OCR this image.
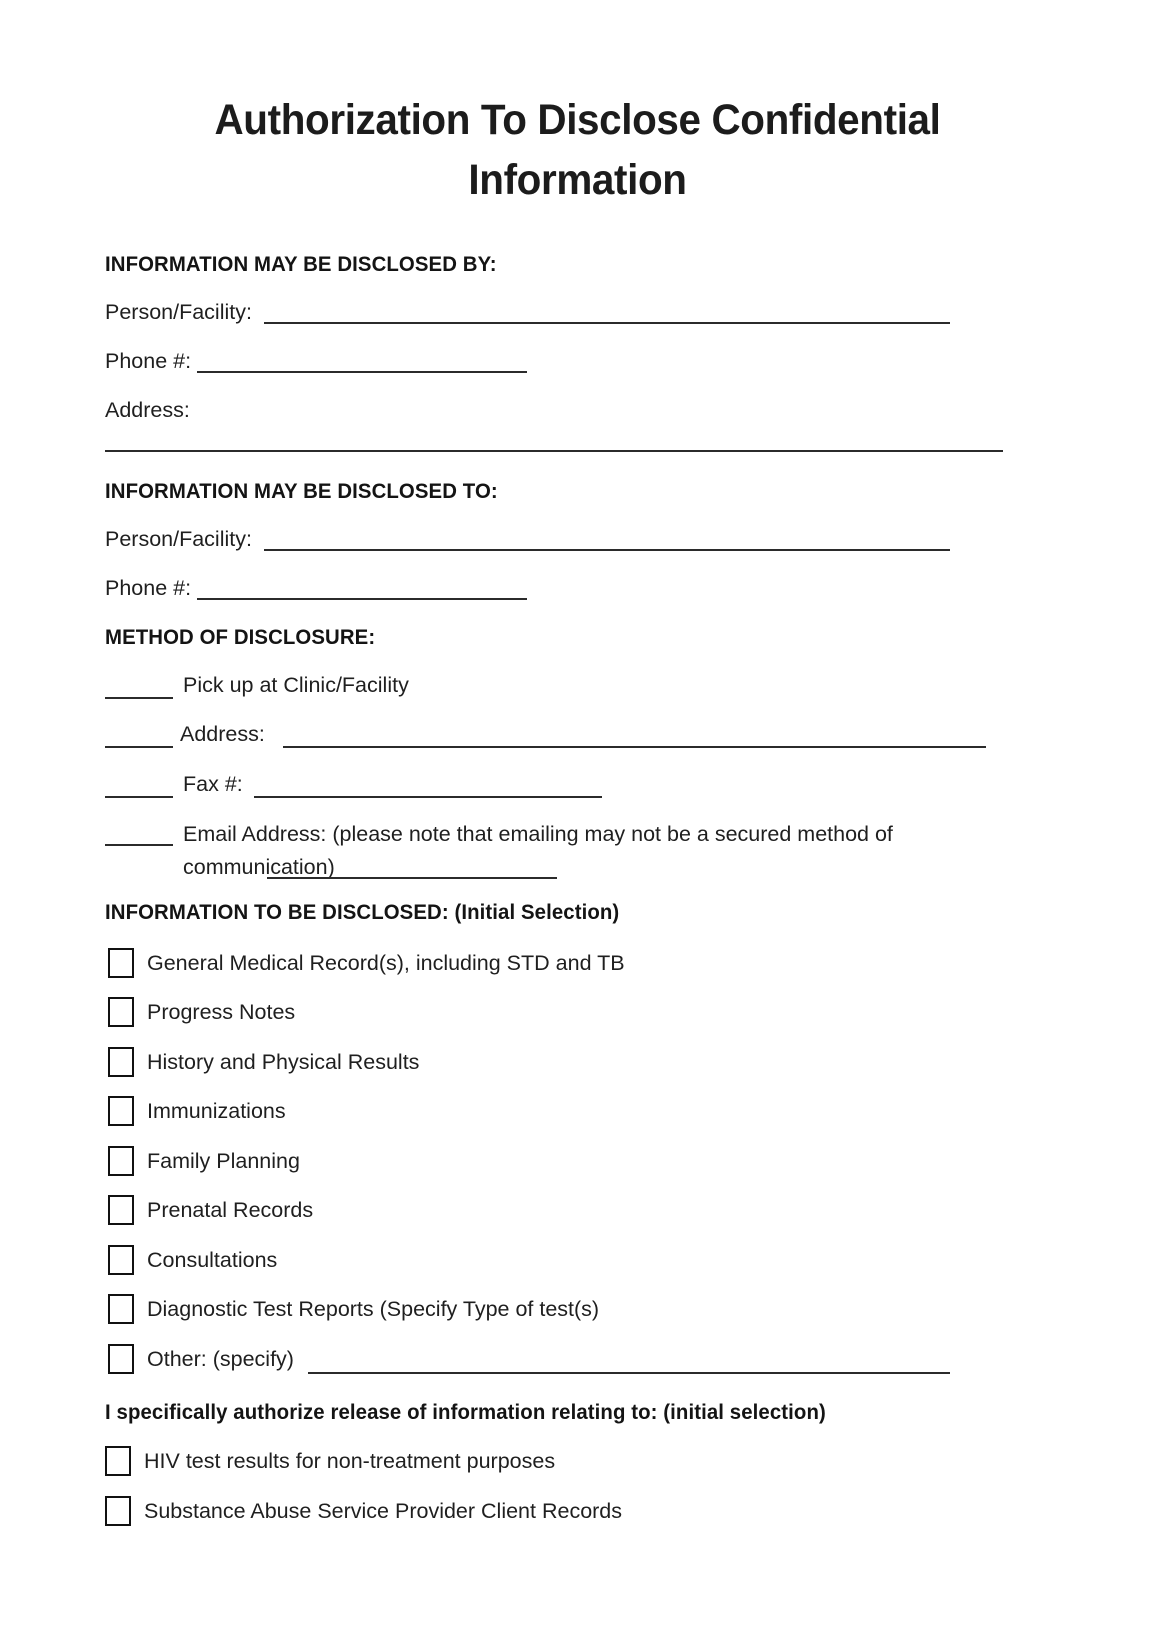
Authorization To Disclose Confidential
Information
INFORMATION MAY BE DISCLOSED BY:
Person/Facility:
Phone #:
Address:
INFORMATION MAY BE DISCLOSED TO:
Person/Facility:
Phone #:
METHOD OF DISCLOSURE:
Pick up at Clinic/Facility
Address:
Fax #:
Email Address: (please note that emailing may not be a secured method of communication)
INFORMATION TO BE DISCLOSED: (Initial Selection)
General Medical Record(s), including STD and TB
Progress Notes
History and Physical Results
Immunizations
Family Planning
Prenatal Records
Consultations
Diagnostic Test Reports (Specify Type of test(s)
Other: (specify)
I specifically authorize release of information relating to: (initial selection)
HIV test results for non-treatment purposes
Substance Abuse Service Provider Client Records
